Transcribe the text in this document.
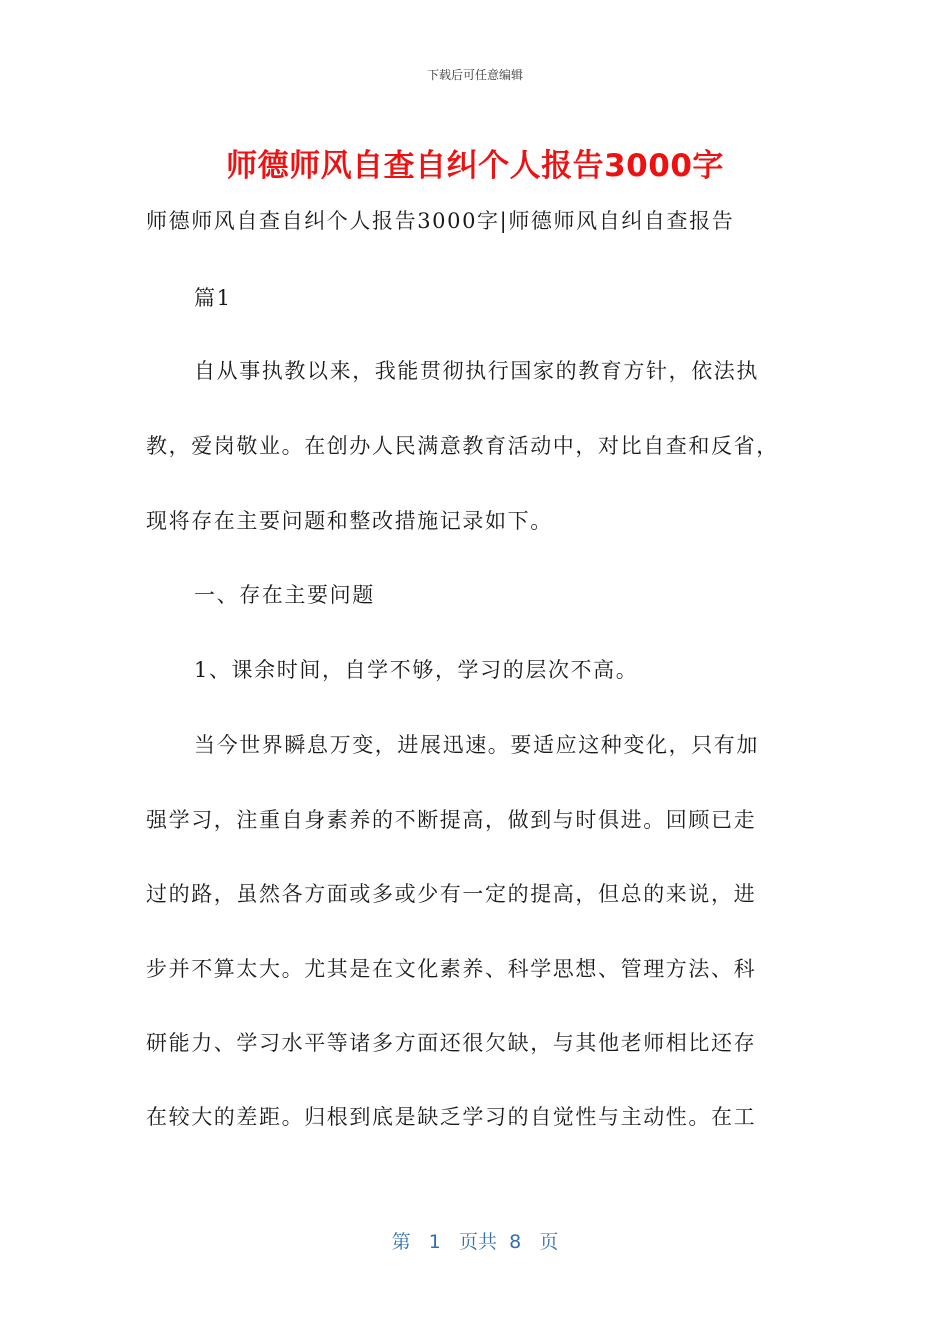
下载后可任意编辑
师德师风自查自纠个人报告3000字
师德师风自查自纠个人报告3000字|师德师风自纠自查报告
篇1
自从事执教以来，我能贯彻执行国家的教育方针，依法执
教，爱岗敬业。在创办人民满意教育活动中，对比自查和反省，
现将存在主要问题和整改措施记录如下。
一、存在主要问题
1、课余时间，自学不够，学习的层次不高。
当今世界瞬息万变，进展迅速。要适应这种变化，只有加
强学习，注重自身素养的不断提高，做到与时俱进。回顾已走
过的路，虽然各方面或多或少有一定的提高，但总的来说，进
步并不算太大。尤其是在文化素养、科学思想、管理方法、科
研能力、学习水平等诸多方面还很欠缺，与其他老师相比还存
在较大的差距。归根到底是缺乏学习的自觉性与主动性。在工
第 1 页共 8 页
